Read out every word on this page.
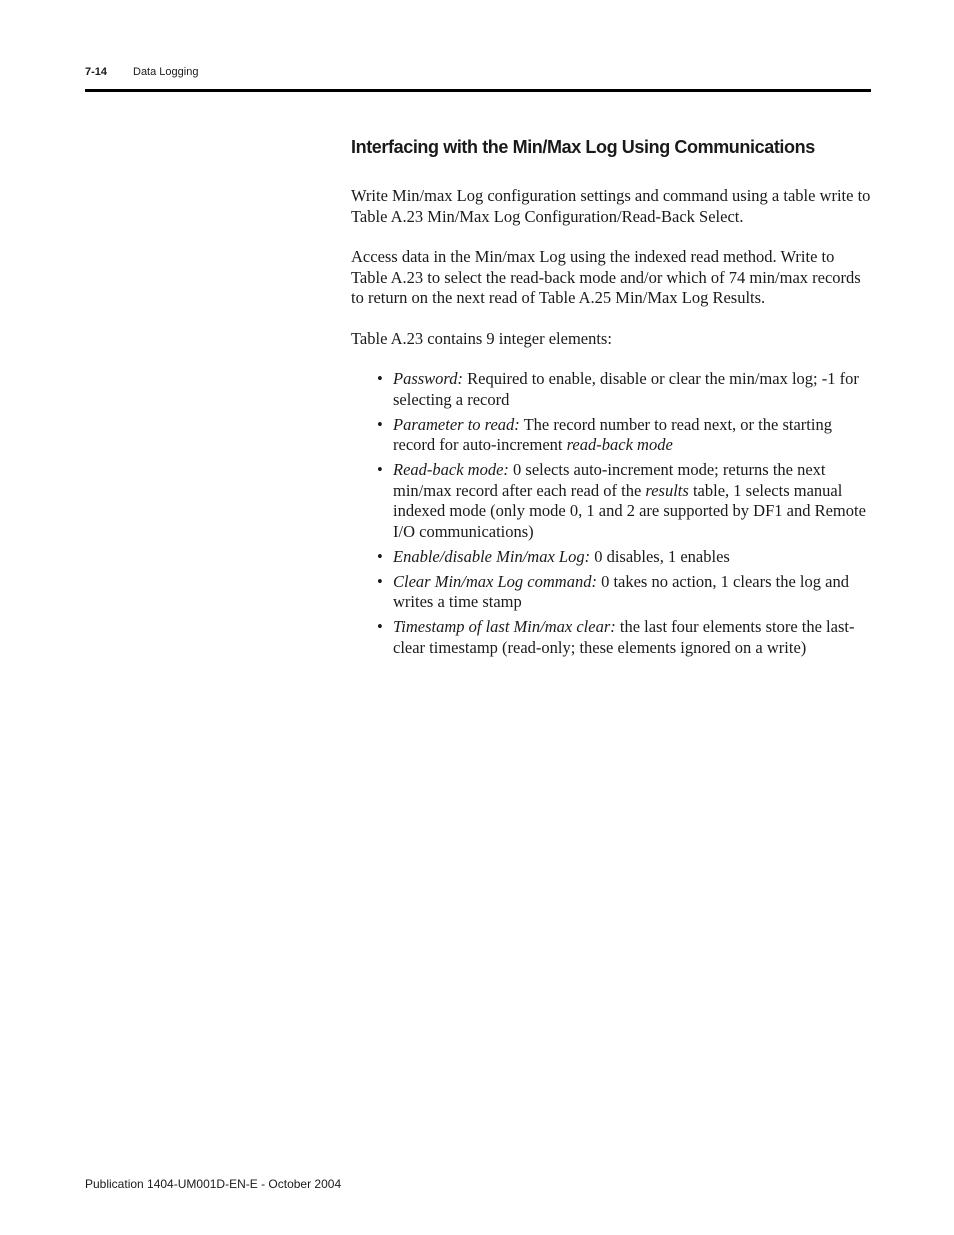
7-14 Data Logging
Interfacing with the Min/Max Log Using Communications

Write Min/max Log configuration settings and command using a table write to Table A.23 Min/Max Log Configuration/Read-Back Select.

Access data in the Min/max Log using the indexed read method. Write to Table A.23 to select the read-back mode and/or which of 74 min/max records to return on the next read of Table A.25 Min/Max Log Results.

Table A.23 contains 9 integer elements:

• Password: Required to enable, disable or clear the min/max log; -1 for selecting a record
• Parameter to read: The record number to read next, or the starting record for auto-increment read-back mode
• Read-back mode: 0 selects auto-increment mode; returns the next min/max record after each read of the results table, 1 selects manual indexed mode (only mode 0, 1 and 2 are supported by DF1 and Remote I/O communications)
• Enable/disable Min/max Log: 0 disables, 1 enables
• Clear Min/max Log command: 0 takes no action, 1 clears the log and writes a time stamp
• Timestamp of last Min/max clear: the last four elements store the last-clear timestamp (read-only; these elements ignored on a write)
Publication 1404-UM001D-EN-E - October 2004
